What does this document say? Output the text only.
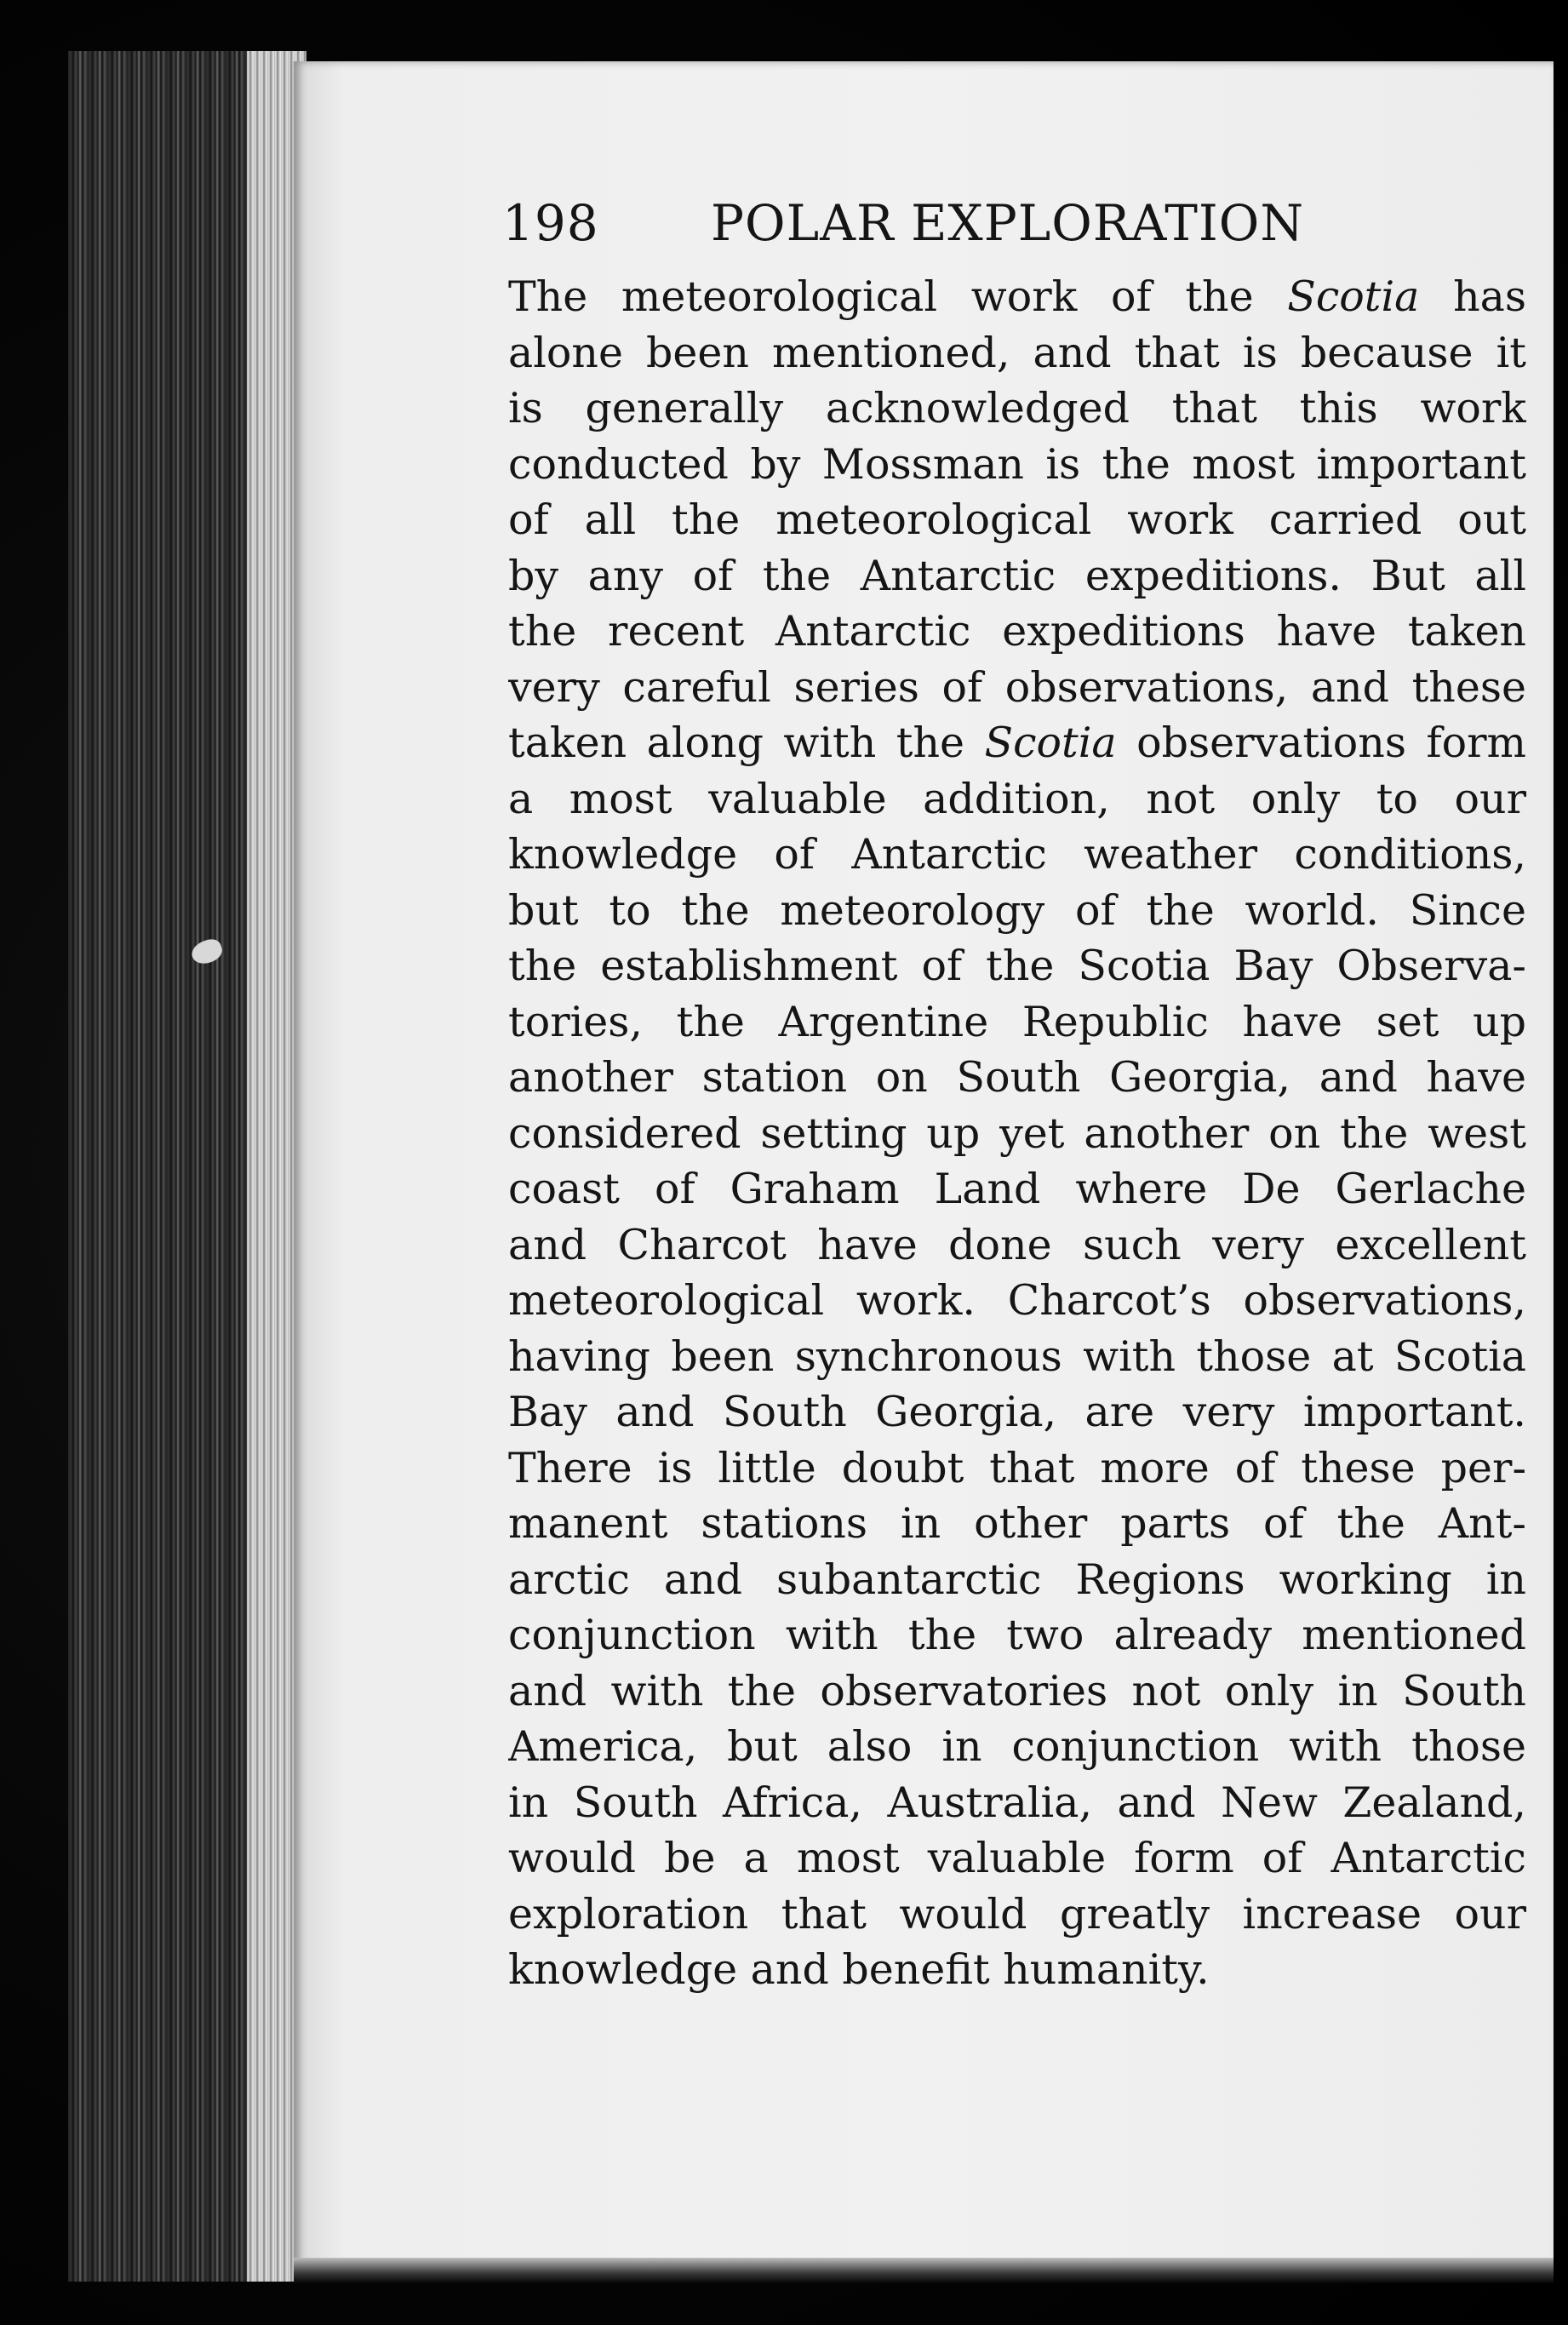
198 POLAR EXPLORATION
The meteorological work of the Scotia has
alone been mentioned, and that is because it
is generally acknowledged that this work
conducted by Mossman is the most important
of all the meteorological work carried out
by any of the Antarctic expeditions. But all
the recent Antarctic expeditions have taken
very careful series of observations, and these
taken along with the Scotia observations form
a most valuable addition, not only to our
knowledge of Antarctic weather conditions,
but to the meteorology of the world. Since
the establishment of the Scotia Bay Observa-
tories, the Argentine Republic have set up
another station on South Georgia, and have
considered setting up yet another on the west
coast of Graham Land where De Gerlache
and Charcot have done such very excellent
meteorological work. Charcot’s observations,
having been synchronous with those at Scotia
Bay and South Georgia, are very important.
There is little doubt that more of these per-
manent stations in other parts of the Ant-
arctic and subantarctic Regions working in
conjunction with the two already mentioned
and with the observatories not only in South
America, but also in conjunction with those
in South Africa, Australia, and New Zealand,
would be a most valuable form of Antarctic
exploration that would greatly increase our
knowledge and benefit humanity.
